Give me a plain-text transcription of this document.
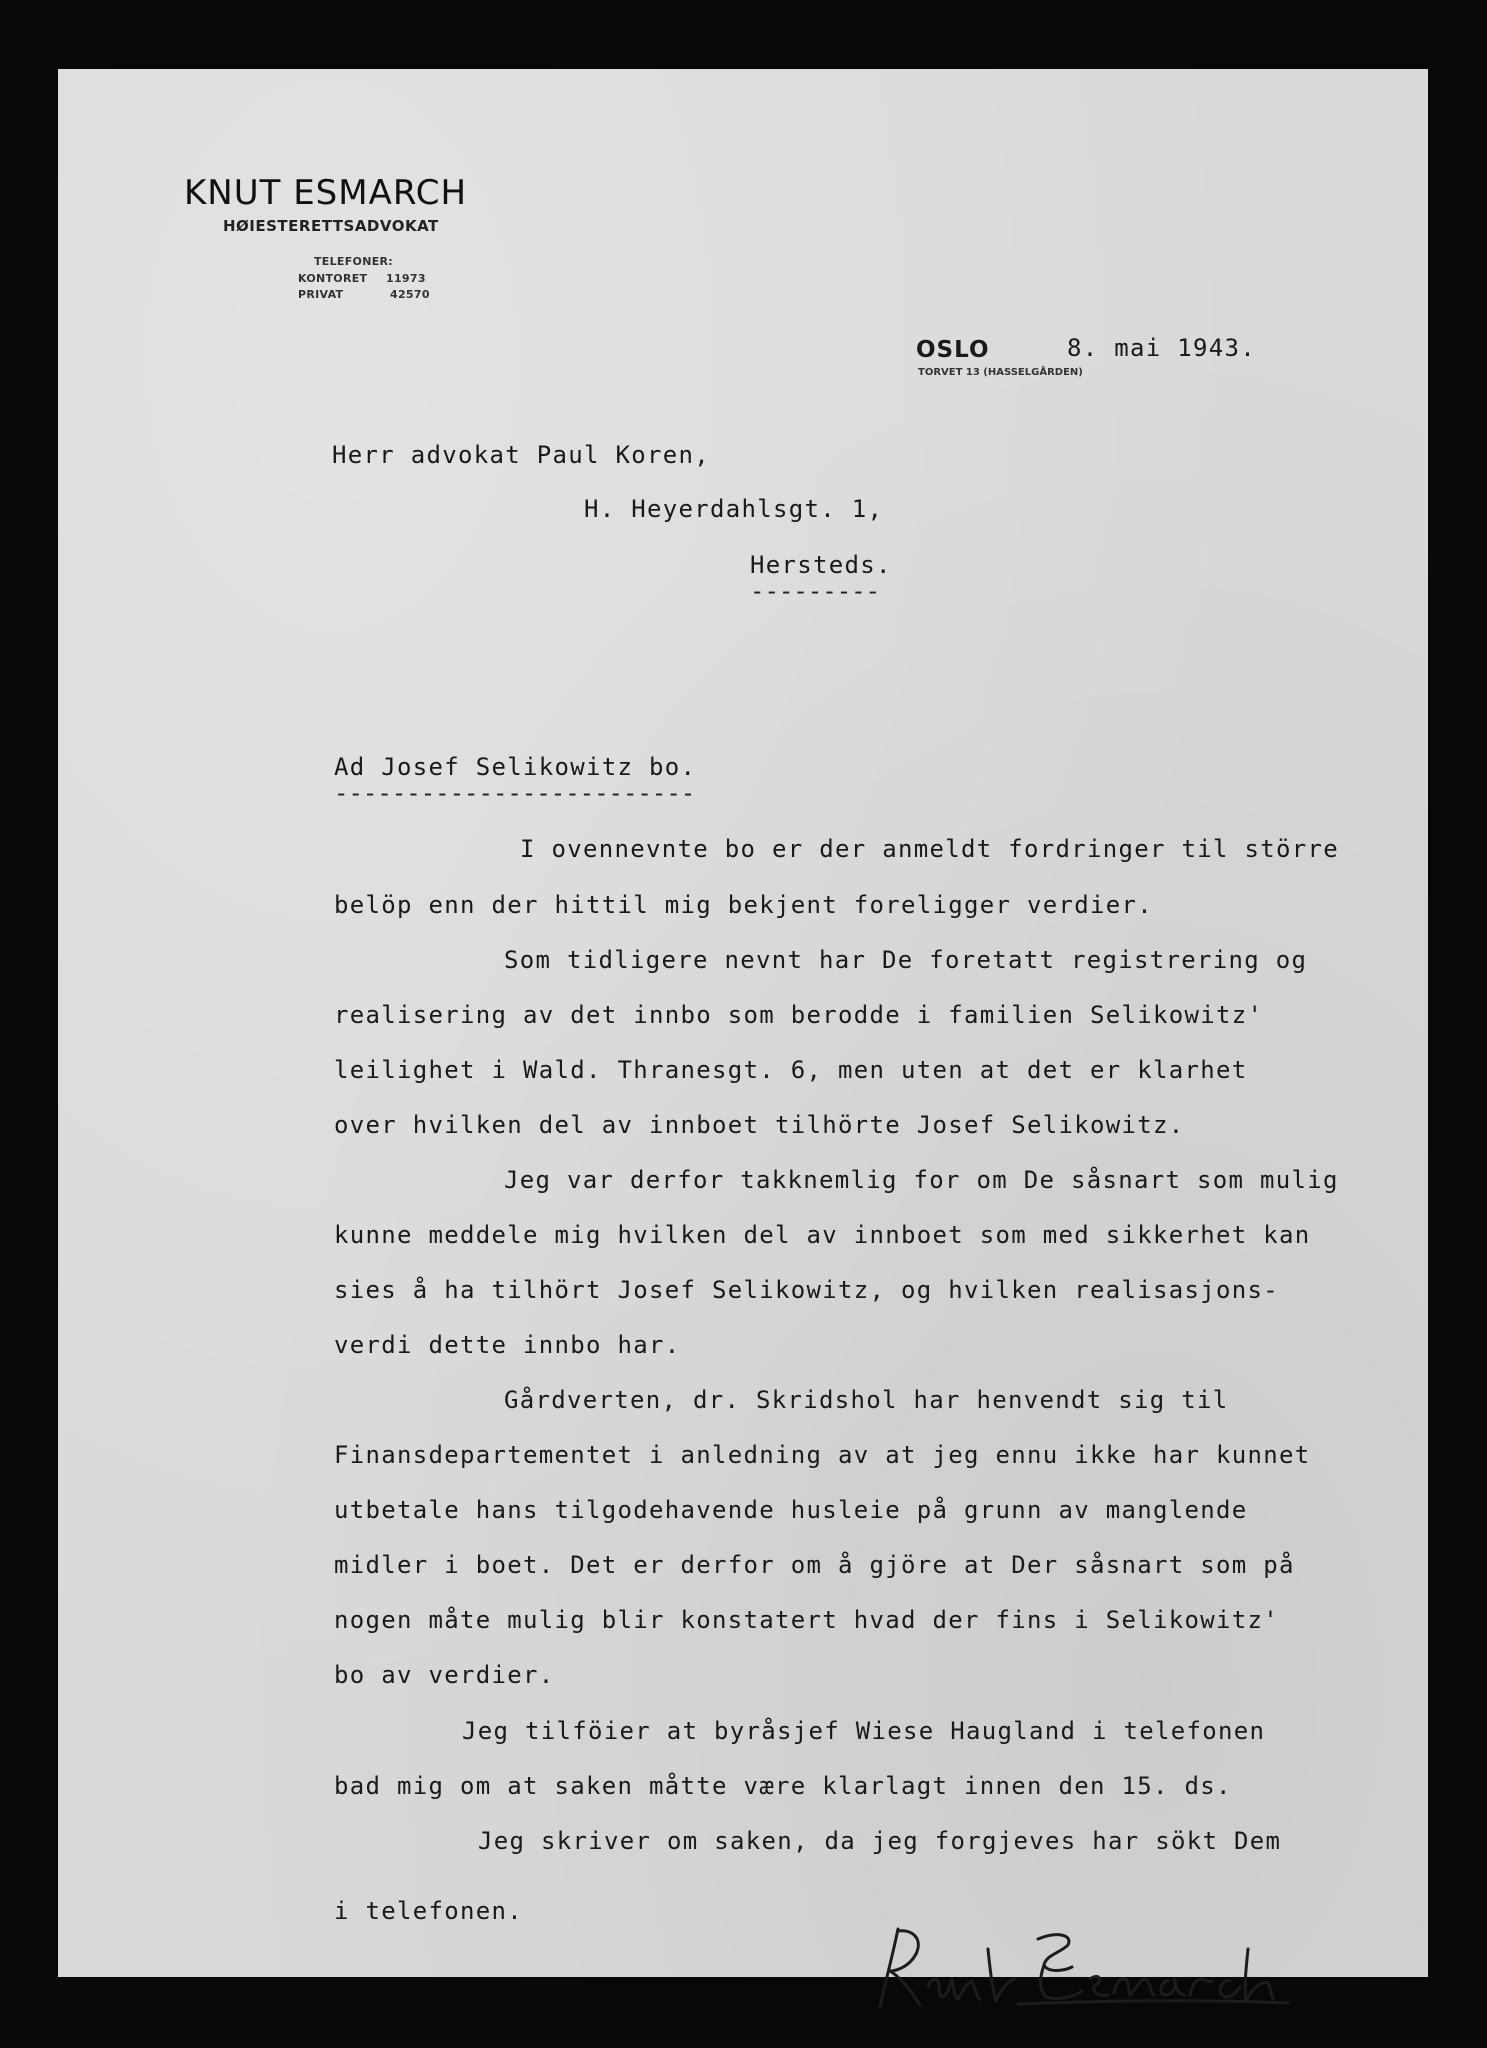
KNUT ESMARCH
HØIESTERETTSADVOKAT
TELEFONER:
KONTORET 11973
PRIVAT	42570
OSLO	8. mai 1943.
TORVET 13 (HASSELGÅRDEN)
Herr advokat Paul Koren,
H. Heyerdahlsgt. 1,
Hersteds.
---------
Ad Josef Selikowitz bo.
-------------------------
I ovennevnte bo er der anmeldt fordringer til större
belöp enn der hittil mig bekjent foreligger verdier.
Som tidligere nevnt har De foretatt registrering og
realisering av det innbo som berodde i familien Selikowitz'
leilighet i Wald. Thranesgt. 6, men uten at det er klarhet
over hvilken del av innboet tilhörte Josef Selikowitz.
Jeg var derfor takknemlig for om De såsnart som mulig
kunne meddele mig hvilken del av innboet som med sikkerhet kan
sies å ha tilhört Josef Selikowitz, og hvilken realisasjons-
verdi dette innbo har.
Gårdverten, dr. Skridshol har henvendt sig til
Finansdepartementet i anledning av at jeg ennu ikke har kunnet
utbetale hans tilgodehavende husleie på grunn av manglende
midler i boet. Det er derfor om å gjöre at Der såsnart som på
nogen måte mulig blir konstatert hvad der fins i Selikowitz'
bo av verdier.
Jeg tilföier at byråsjef Wiese Haugland i telefonen
bad mig om at saken måtte være klarlagt innen den 15. ds.
Jeg skriver om saken, da jeg forgjeves har sökt Dem
i telefonen.
